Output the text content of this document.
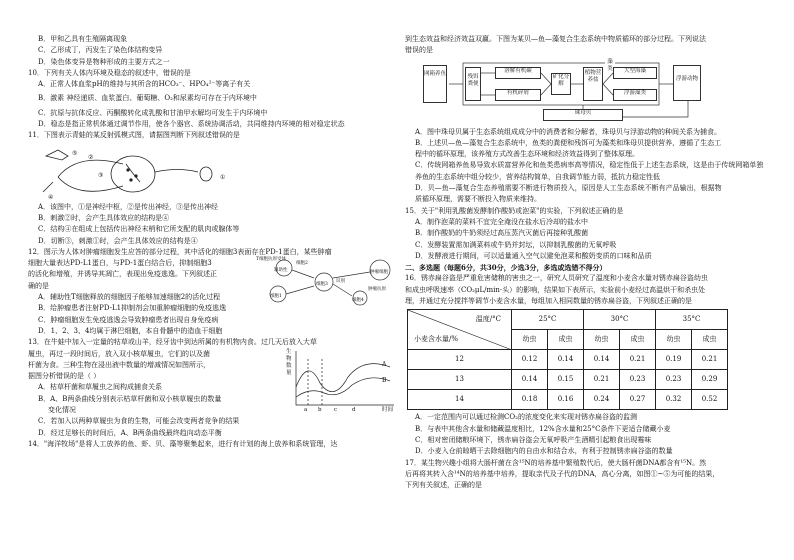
B．甲和乙具有生殖隔离现象
C．乙形成丁，丙发生了染色体结构变异
D．染色体变异是物种形成的主要方式之一
10．下列有关人体内环境及稳态的叙述中，错误的是
A．正常人体血浆pH的维持与其所含的HCO₃⁻、HPO₄²⁻等离子有关
B．激素 神经递质、血浆蛋白、葡萄糖、O₂和尿素均可存在于内环境中
C．抗原与抗体反应、丙酮酸转化成乳酸和甘油甲水解均可发生于内环境中
D．稳态是指正常机体通过调节作用，使各个器官、系统协调活动，共同维持内环境的相对稳定状态
11．下图表示青蛙的某反射弧模式图，请据图判断下列叙述错误的是
⑤
②
③
④
①
A．该图中，①是神经中枢，②是传出神经，③是传出神经
B．刺激②时，会产生具体效应的结构是④
C．结构④在组成上包括传出神经末梢和它所支配的肌肉或腺体等
D．切断③，刺激①时，会产生具体效应的结构是④
12．图示为人体对肿瘤细胞发生应答的部分过程，其中活化的细胞3表面存在PD-1蛋白，某些肿瘤
细胞大量表达PD-L1蛋白，与PD-1蛋白结合后，抑制细胞3
的活化和增殖，并诱导其凋亡，表现出免疫逃逸。下列叙述正
确的是
T细胞抗原受体
辅助性
细胞1
细胞2
识别
细胞3
细胞4
肿瘤抗原
肿瘤细胞
A．辅助性T细胞释放的细胞因子能够加速细胞2的活化过程
B．给肿瘤患者注射PD-L1抑制剂会加重肿瘤细胞的免疫逃逸
C．肿瘤细胞发生免疫逃逸会导致肿瘤患者出现自身免疫病
D．1、2、3、4均属于淋巴细胞，本自骨髓中的造血干细胞
13．在牛蛙中加入一定量的牯草或山羊，经牙齿中到达所属的有机物内食。过几天后放入大草
履虫，再过一段时间后，放入双小核草履虫，它们的以及菌
杆菌为食。三种生物在浸出液中数量的增减情况如图所示，
据图分析错误的是（ ）
A．枯草杆菌和草履虫之间构成捕食关系
B．A、B两条曲线分别表示枯草杆菌和双小核草履虫的数量
变化情况
生物数量
时间
a b c	d
A
B
C．若加入以两种草履虫为食的生物，可能会改变两者竞争的结果
D．经过足够长的时间后，A、B两条曲线最终趋向动态平衡
14．"海洋牧场"是将人工放养的鱼、虾、贝、藻等聚集起来，进行有计划的海上放养和系统管理，达
到生态效益和经济效益双赢。下图为某贝—鱼—藻复合生态系统中物质循环的部分过程。下列说法
错误的是
网箱养鱼	残饵粪便
溶解有机碳
有机碎屑
矿化分解
植物营养盐
藻类	大型海藻
浮游藻类
浮游动物
珠母贝
A．图中珠母贝属于生态系统组成成分中的消费者和分解者，珠母贝与浮游动物的种间关系为捕食。
B．上述贝—鱼—藻复合生态系统中，鱼类的粪便和残饵可为藻类和珠母贝提供营养，遵循了生态工
程中的循环原理，该养殖方式改善生态环境和经济效益得到了整体原理。
C．传统网箱养鱼易导致水质富营养化和鱼类患病率高等情况，稳定性低于上述生态系统，这是由于传统网箱单独
养鱼的生态系统中组分较少，营养结构简单，自我调节能力弱，抵抗力稳定性低
D．贝—鱼—藻复合生态养殖需要不断进行物质投入，原因是人工生态系统不断有产品输出，根据物
质循环原理，需要不断投入物质来维持。
15．关于"利用乳酸菌发酵制作酸奶或泡菜"的实验，下列叙述正确的是
A．制作泡菜的菜料不宜完全淹没在盐水后冷却的盐水中
B．制作酸奶的牛奶须经过高压蒸汽灭菌后再接种乳酸菌
C．发酵装置需加满菜料或牛奶并封坛，以抑制乳酸菌的无氧呼吸
D．发酵液进行期间，可以适量通入空气以避免泡菜和酸奶变质的口味和品质
二、多选题（每题6分，共30分，少选3分，多选或选错不得分）
16．锈赤扁谷盗是严重危害储粮的害虫之一，研究人员研究了温度和小麦含水量对锈赤扁谷盗幼虫
和成虫呼吸速率（CO₂μL/min·头）的影响，结果如下表所示，实验前小麦经过高温烘干和杀虫处
理，并通过充分搅拌等调节小麦含水量，每组加入相同数量的锈赤扁谷盗，下列叙述正确的是
温度/°C
小麦含水量/%	25°C		30°C		35°C	
	幼虫	成虫	幼虫	成虫	幼虫	成虫
12	0.12	0.14	0.14	0.21	0.19	0.21
13	0.14	0.15	0.21	0.23	0.23	0.29
14	0.18	0.16	0.24	0.27	0.32	0.52
A．一定范围内可以通过检测CO₂的浓度变化来实现对锈赤扁谷盗的监测
B．与表中其他含水量和储藏温度相比，12%含水量和25°C条件下更适合储藏小麦
C．相对密闭储粮环境下，锈赤扁谷盗会无氧呼吸产生酒精引起粮食出现霉味
D．小麦入仓前晾晒干去除细胞内的自由水和结合水，有利于控制锈赤扁谷盗的数量
17．某生物兴趣小组将大肠杆菌在含¹⁵N的培养基中繁殖数代后，使大肠杆菌DNA都含有¹⁵N。然
后再将其转入含¹⁴N的培养基中培养，提取亲代及子代的DNA，高心分离，如图①~⑤为可能的结果，
下列有关叙述，正确的是
